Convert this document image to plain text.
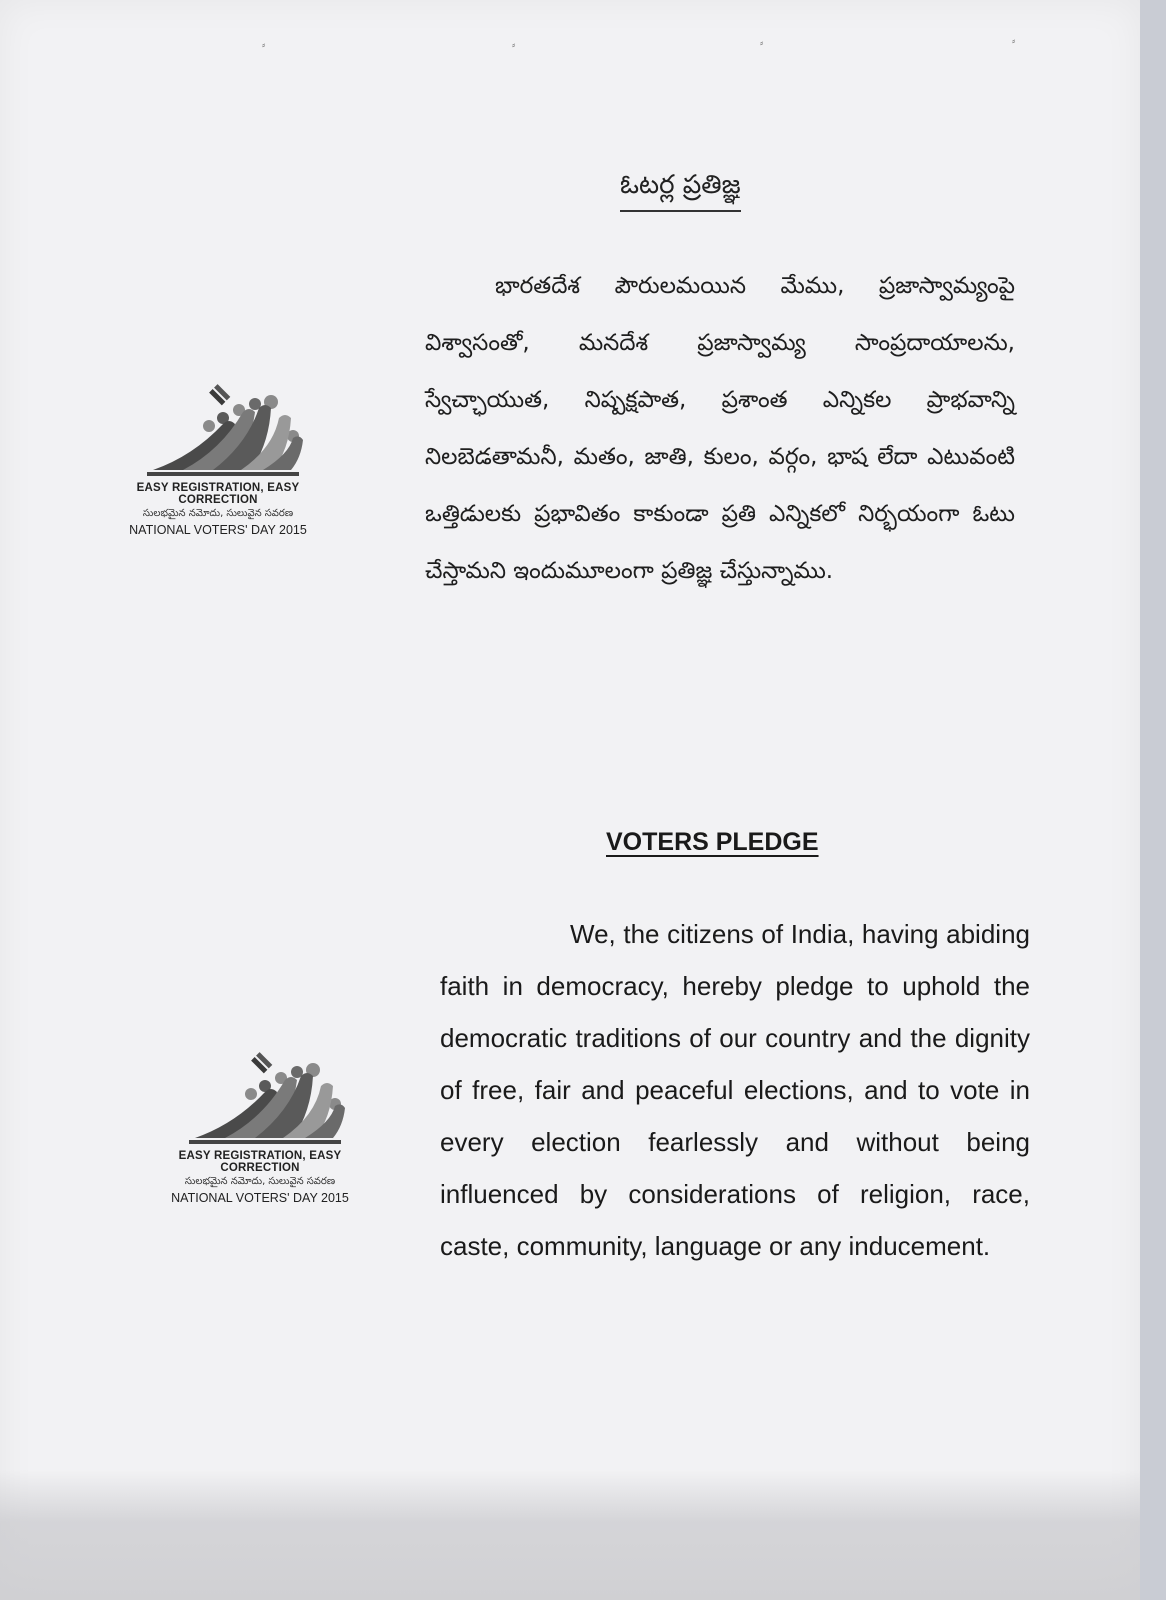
⸗	⸗	⸗	⸗
ఓటర్ల ప్రతిజ్ఞ
భారతదేశ పౌరులమయిన మేము, ప్రజాస్వామ్యంపై విశ్వాసంతో, మనదేశ ప్రజాస్వామ్య సాంప్రదాయాలను, స్వేచ్ఛాయుత, నిష్పక్షపాత, ప్రశాంత ఎన్నికల ప్రాభవాన్ని నిలబెడతామనీ, మతం, జాతి, కులం, వర్గం, భాష లేదా ఎటువంటి ఒత్తిడులకు ప్రభావితం కాకుండా ప్రతి ఎన్నికలో నిర్భయంగా ఓటు చేస్తామని ఇందుమూలంగా ప్రతిజ్ఞ చేస్తున్నాము.
EASY REGISTRATION, EASY CORRECTION
సులభమైన నమోదు, సులువైన సవరణ
NATIONAL VOTERS' DAY 2015
VOTERS PLEDGE
We, the citizens of India, having abiding faith in democracy, hereby pledge to uphold the democratic traditions of our country and the dignity of free, fair and peaceful elections, and to vote in every election fearlessly and without being influenced by considerations of religion, race, caste, community, language or any inducement.
EASY REGISTRATION, EASY CORRECTION
సులభమైన నమోదు, సులువైన సవరణ
NATIONAL VOTERS' DAY 2015
